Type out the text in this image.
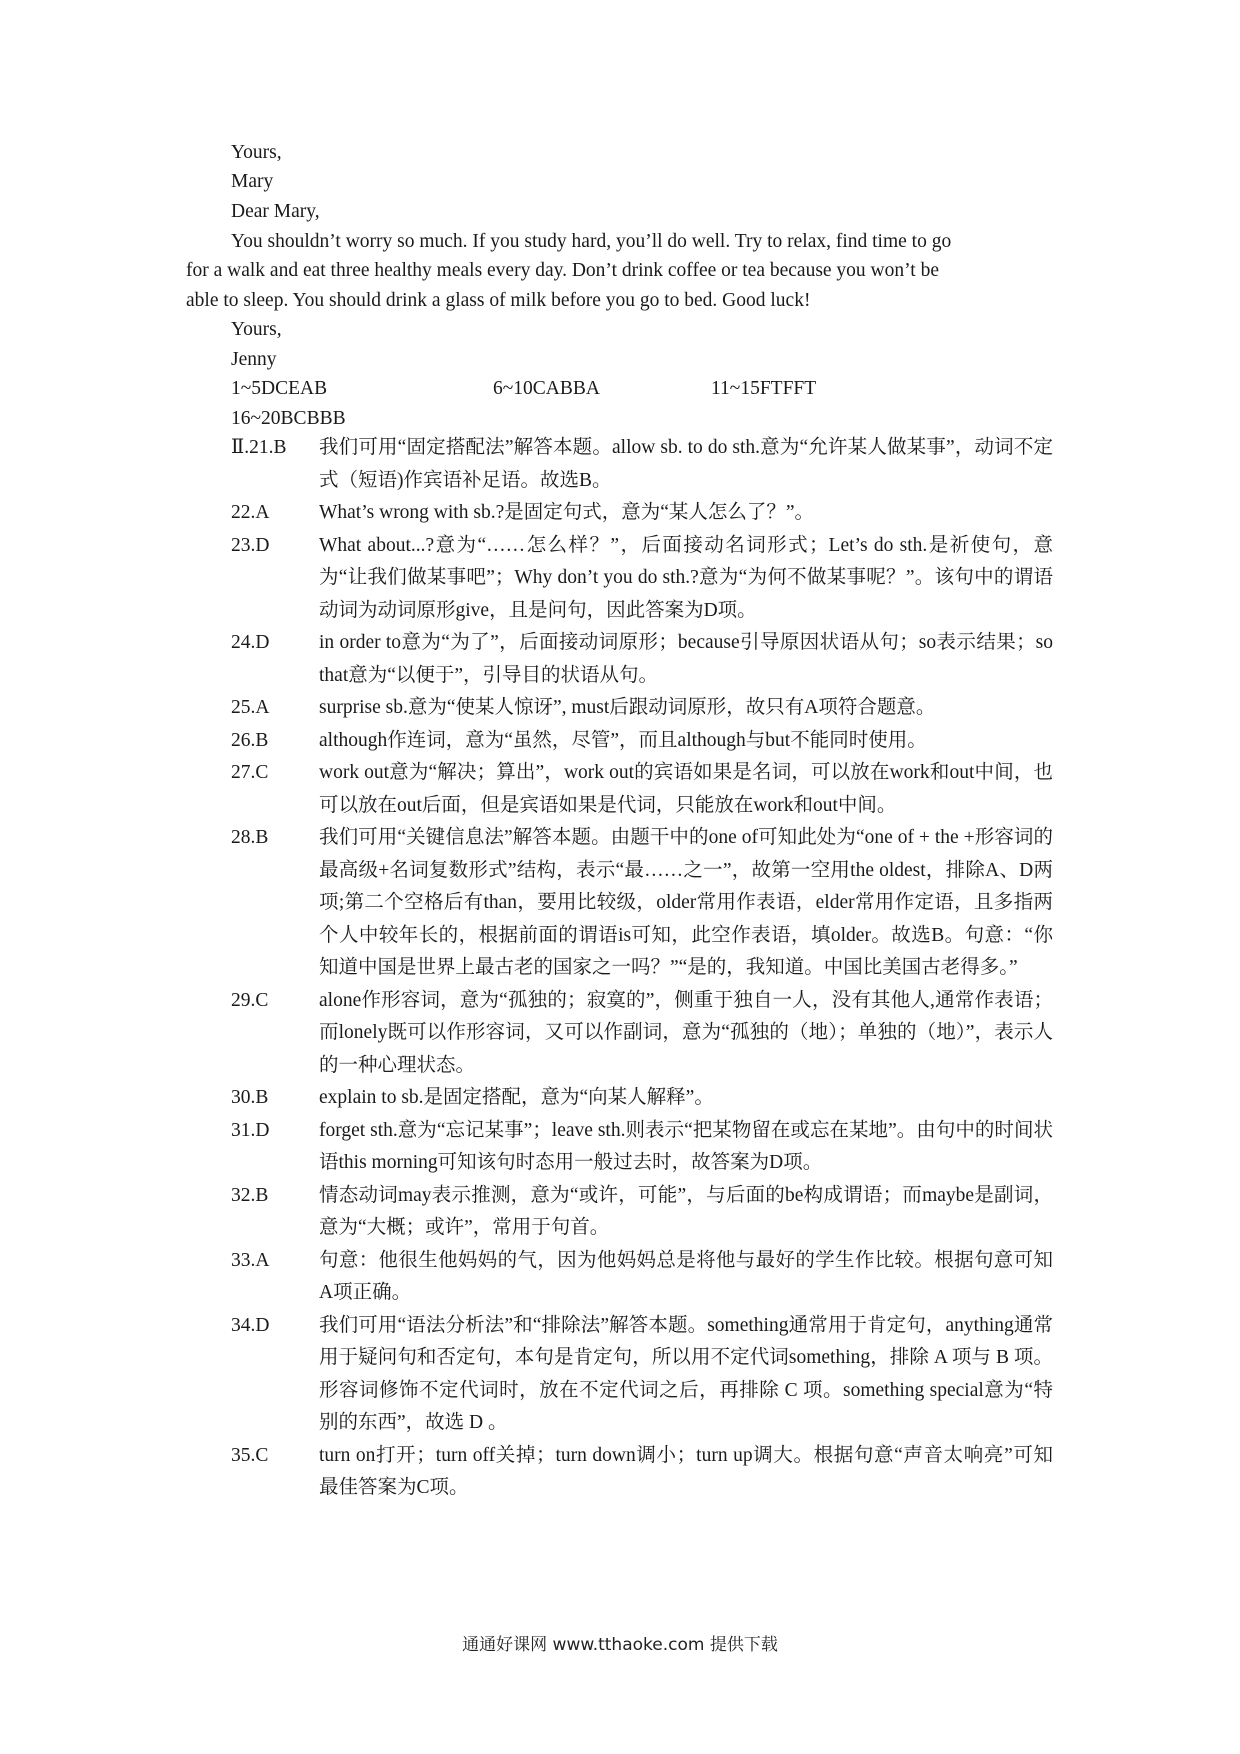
Yours,
Mary
Dear Mary,
You shouldn’t worry so much. If you study hard, you’ll do well. Try to relax, find time to go
for a walk and eat three healthy meals every day. Don’t drink coffee or tea because you won’t be
able to sleep. You should drink a glass of milk before you go to bed. Good luck!
Yours,
Jenny
1~5DCEAB	6~10CABBA	11~15FTFFT
16~20BCBBB
Ⅱ.21.B	我们可用“固定搭配法”解答本题。allow sb. to do sth.意为“允许某人做某事”，动词不定式（短语)作宾语补足语。故选B。
22.A	What’s wrong with sb.?是固定句式，意为“某人怎么了？”。
23.D	What about...?意为“……怎么样？”，后面接动名词形式；Let’s do sth.是祈使句，意为“让我们做某事吧”；Why don’t you do sth.?意为“为何不做某事呢？”。该句中的谓语动词为动词原形give，且是问句，因此答案为D项。
24.D	in order to意为“为了”，后面接动词原形；because引导原因状语从句；so表示结果；so that意为“以便于”，引导目的状语从句。
25.A	surprise sb.意为“使某人惊讶”, must后跟动词原形，故只有A项符合题意。
26.B	although作连词，意为“虽然，尽管”，而且although与but不能同时使用。
27.C	work out意为“解决；算出”，work out的宾语如果是名词，可以放在work和out中间，也可以放在out后面，但是宾语如果是代词，只能放在work和out中间。
28.B	我们可用“关键信息法”解答本题。由题干中的one of可知此处为“one of + the +形容词的最高级+名词复数形式”结构，表示“最……之一”，故第一空用the oldest，排除A、D两项;第二个空格后有than，要用比较级，older常用作表语，elder常用作定语，且多指两个人中较年长的，根据前面的谓语is可知，此空作表语，填older。故选B。句意：“你知道中国是世界上最古老的国家之一吗？”“是的，我知道。中国比美国古老得多。”
29.C	alone作形容词，意为“孤独的；寂寞的”，侧重于独自一人，没有其他人,通常作表语；而lonely既可以作形容词，又可以作副词，意为“孤独的（地）；单独的（地）”，表示人的一种心理状态。
30.B	explain to sb.是固定搭配，意为“向某人解释”。
31.D	forget sth.意为“忘记某事”；leave sth.则表示“把某物留在或忘在某地”。由句中的时间状语this morning可知该句时态用一般过去时，故答案为D项。
32.B	情态动词may表示推测，意为“或许，可能”，与后面的be构成谓语；而maybe是副词，意为“大概；或许”，常用于句首。
33.A	句意：他很生他妈妈的气，因为他妈妈总是将他与最好的学生作比较。根据句意可知A项正确。
34.D	我们可用“语法分析法”和“排除法”解答本题。something通常用于肯定句，anything通常用于疑问句和否定句，本句是肯定句，所以用不定代词something，排除 A 项与 B 项。形容词修饰不定代词时，放在不定代词之后，再排除 C 项。something special意为“特别的东西”，故选 D 。
35.C	turn on打开；turn off关掉；turn down调小；turn up调大。根据句意“声音太响亮”可知最佳答案为C项。
通通好课网 www.tthaoke.com 提供下载
